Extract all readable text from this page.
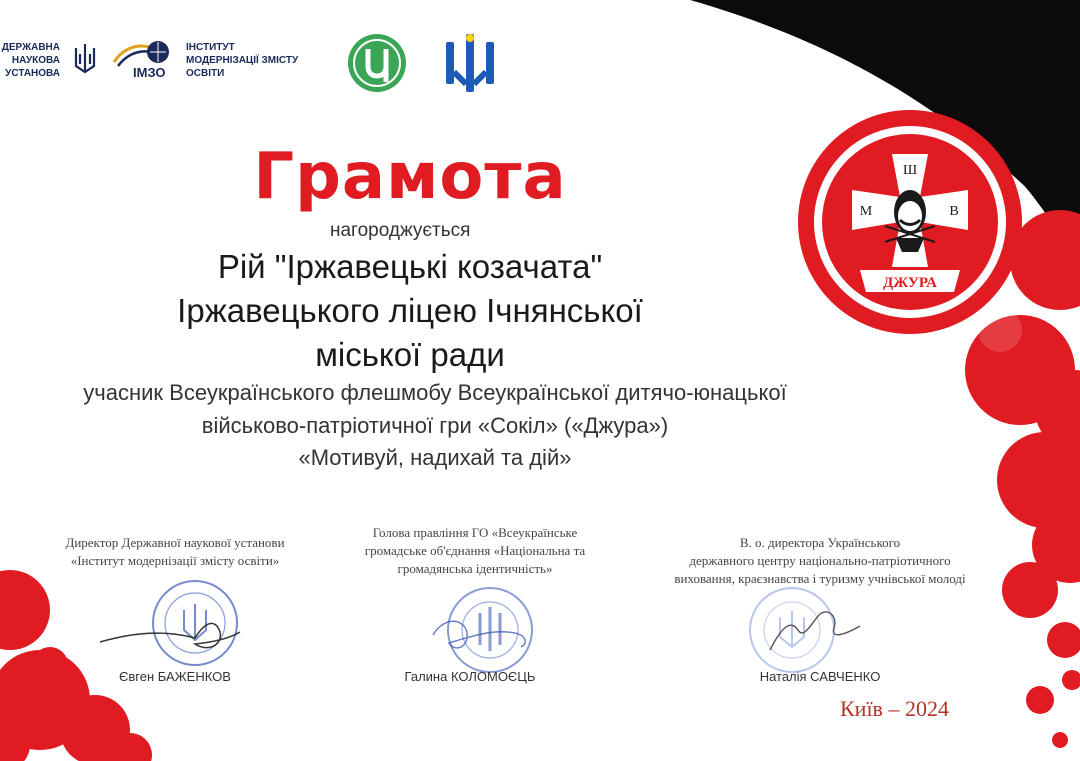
ДЕРЖАВНА
НАУКОВА
УСТАНОВА	ІМЗО
ІНСТИТУТ
МОДЕРНІЗАЦІЇ ЗМІСТУ
ОСВІТИ
Ш
М	В
ДЖУРА
Грамота
нагороджується
Рій "Іржавецькі козачата"
Іржавецького ліцею Ічнянської
міської ради
учасник Всеукраїнського флешмобу Всеукраїнської дитячо-юнацької
військово-патріотичної гри «Сокіл» («Джура»)
«Мотивуй, надихай та дій»
Директор Державної наукової установи
«Інститут модернізації змісту освіти»
Голова правління ГО «Всеукраїнське
громадське об'єднання «Національна та
громадянська ідентичність»
В. о. директора Українського
державного центру національно-патріотичного
виховання, краєзнавства і туризму учнівської молоді
Євген БАЖЕНКОВ	Галина КОЛОМОЄЦЬ	Наталія САВЧЕНКО
Київ – 2024
